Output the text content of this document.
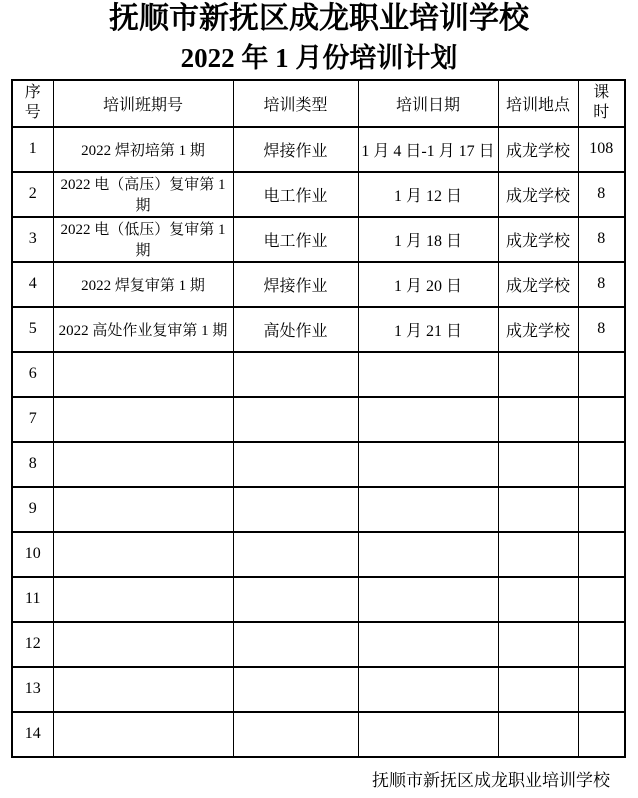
抚顺市新抚区成龙职业培训学校
2022 年 1 月份培训计划
序号	培训班期号	培训类型	培训日期	培训地点	课时
1	2022 焊初培第 1 期	焊接作业	1 月 4 日-1 月 17 日	成龙学校	108
2	2022 电（高压）复审第 1 期	电工作业	1 月 12 日	成龙学校	8
3	2022 电（低压）复审第 1 期	电工作业	1 月 18 日	成龙学校	8
4	2022 焊复审第 1 期	焊接作业	1 月 20 日	成龙学校	8
5	2022 高处作业复审第 1 期	高处作业	1 月 21 日	成龙学校	8
6					
7					
8					
9					
10					
11					
12					
13					
14					
抚顺市新抚区成龙职业培训学校
